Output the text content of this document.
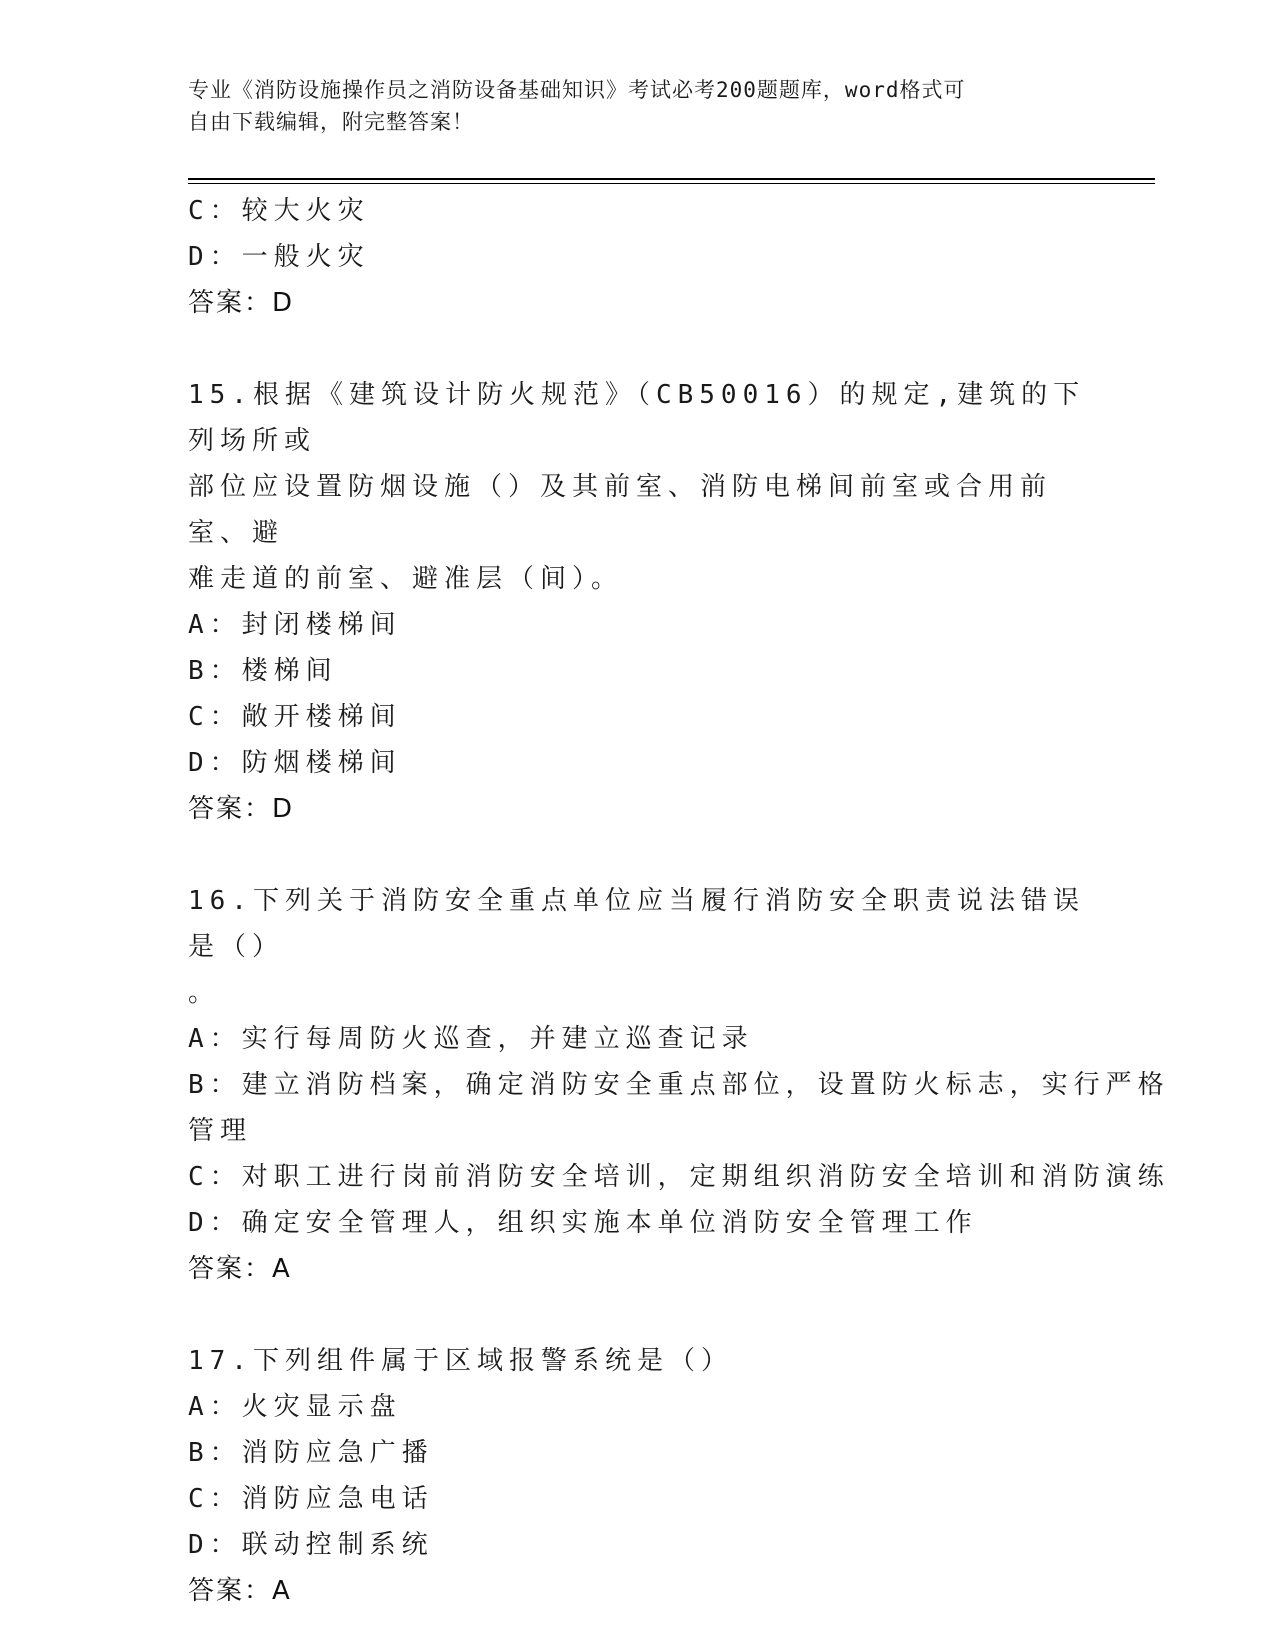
专业《消防设施操作员之消防设备基础知识》考试必考200题题库，word格式可
自由下载编辑，附完整答案！
C：较大火灾
D：一般火灾
答案：D
15.根据《建筑设计防火规范》（CB50016）的规定,建筑的下列场所或
部位应设置防烟设施（）及其前室、消防电梯间前室或合用前室、避
难走道的前室、避准层（间）。
A：封闭楼梯间
B：楼梯间
C：敞开楼梯间
D：防烟楼梯间
答案：D
16.下列关于消防安全重点单位应当履行消防安全职责说法错误是（）
。
A：实行每周防火巡查，并建立巡查记录
B：建立消防档案，确定消防安全重点部位，设置防火标志，实行严格
管理
C：对职工进行岗前消防安全培训，定期组织消防安全培训和消防演练
D：确定安全管理人，组织实施本单位消防安全管理工作
答案：A
17.下列组件属于区域报警系统是（）
A：火灾显示盘
B：消防应急广播
C：消防应急电话
D：联动控制系统
答案：A
